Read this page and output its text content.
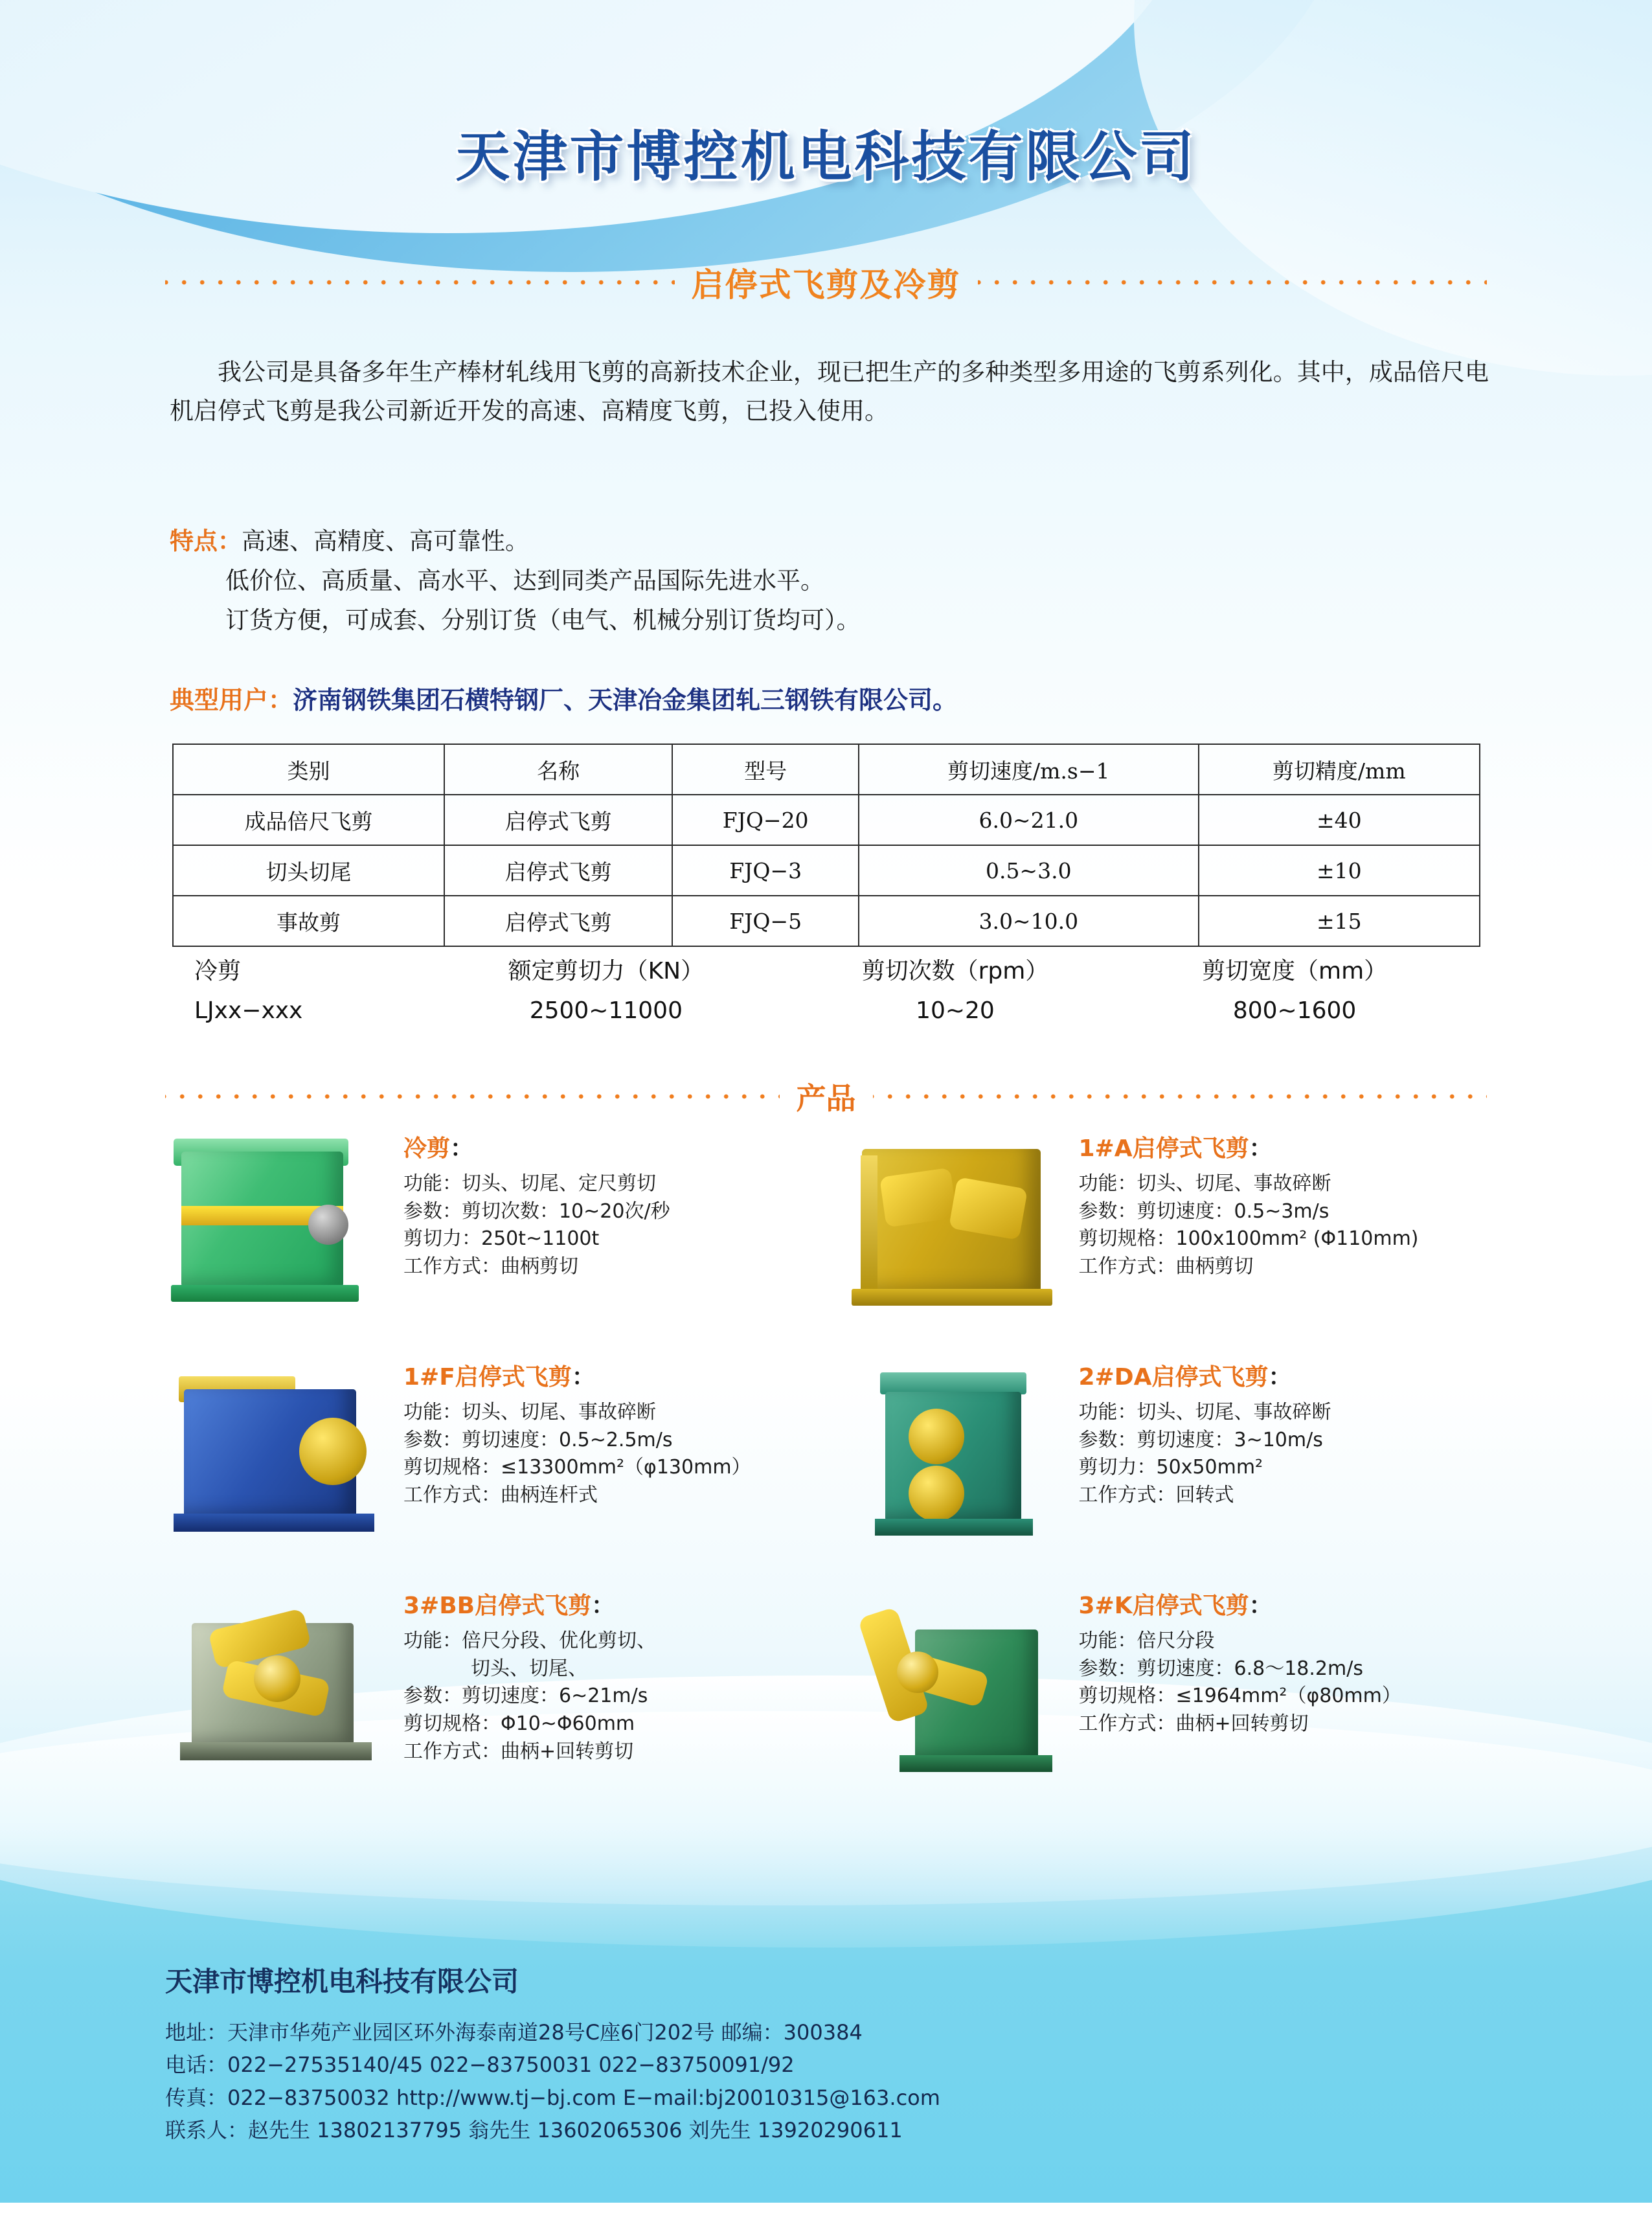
天津市博控机电科技有限公司
启停式飞剪及冷剪
我公司是具备多年生产棒材轧线用飞剪的高新技术企业，现已把生产的多种类型多用途的飞剪系列化。其中，成品倍尺电机启停式飞剪是我公司新近开发的高速、高精度飞剪，已投入使用。
特点：高速、高精度、高可靠性。
低价位、高质量、高水平、达到同类产品国际先进水平。
订货方便，可成套、分别订货（电气、机械分别订货均可）。
典型用户：济南钢铁集团石横特钢厂、天津冶金集团轧三钢铁有限公司。
类别	名称	型号	剪切速度/m.s−1	剪切精度/mm
成品倍尺飞剪	启停式飞剪	FJQ−20	6.0~21.0	±40
切头切尾	启停式飞剪	FJQ−3	0.5~3.0	±10
事故剪	启停式飞剪	FJQ−5	3.0~10.0	±15
冷剪	额定剪切力（KN）	剪切次数（rpm）	剪切宽度（mm）
LJxx−xxx	2500~11000	10~20	800~1600
产品
冷剪：
功能：切头、切尾、定尺剪切
参数：剪切次数：10~20次/秒
剪切力：250t~1100t
工作方式：曲柄剪切
1#A启停式飞剪：
功能：切头、切尾、事故碎断
参数：剪切速度：0.5~3m/s
剪切规格：100x100mm² (Φ110mm)
工作方式：曲柄剪切
1#F启停式飞剪：
功能：切头、切尾、事故碎断
参数：剪切速度：0.5~2.5m/s
剪切规格：≤13300mm²（φ130mm）
工作方式：曲柄连杆式
2#DA启停式飞剪：
功能：切头、切尾、事故碎断
参数：剪切速度：3~10m/s
剪切力：50x50mm²
工作方式：回转式
3#BB启停式飞剪：
功能：倍尺分段、优化剪切、
切头、切尾、
参数：剪切速度：6~21m/s
剪切规格：Φ10~Φ60mm
工作方式：曲柄+回转剪切
3#K启停式飞剪：
功能：倍尺分段
参数：剪切速度：6.8～18.2m/s
剪切规格：≤1964mm²（φ80mm）
工作方式：曲柄+回转剪切
天津市博控机电科技有限公司
地址：天津市华苑产业园区环外海泰南道28号C座6门202号 邮编：300384
电话：022−27535140/45 022−83750031 022−83750091/92
传真：022−83750032 http://www.tj−bj.com E−mail:bj20010315@163.com
联系人：赵先生 13802137795 翁先生 13602065306 刘先生 13920290611
